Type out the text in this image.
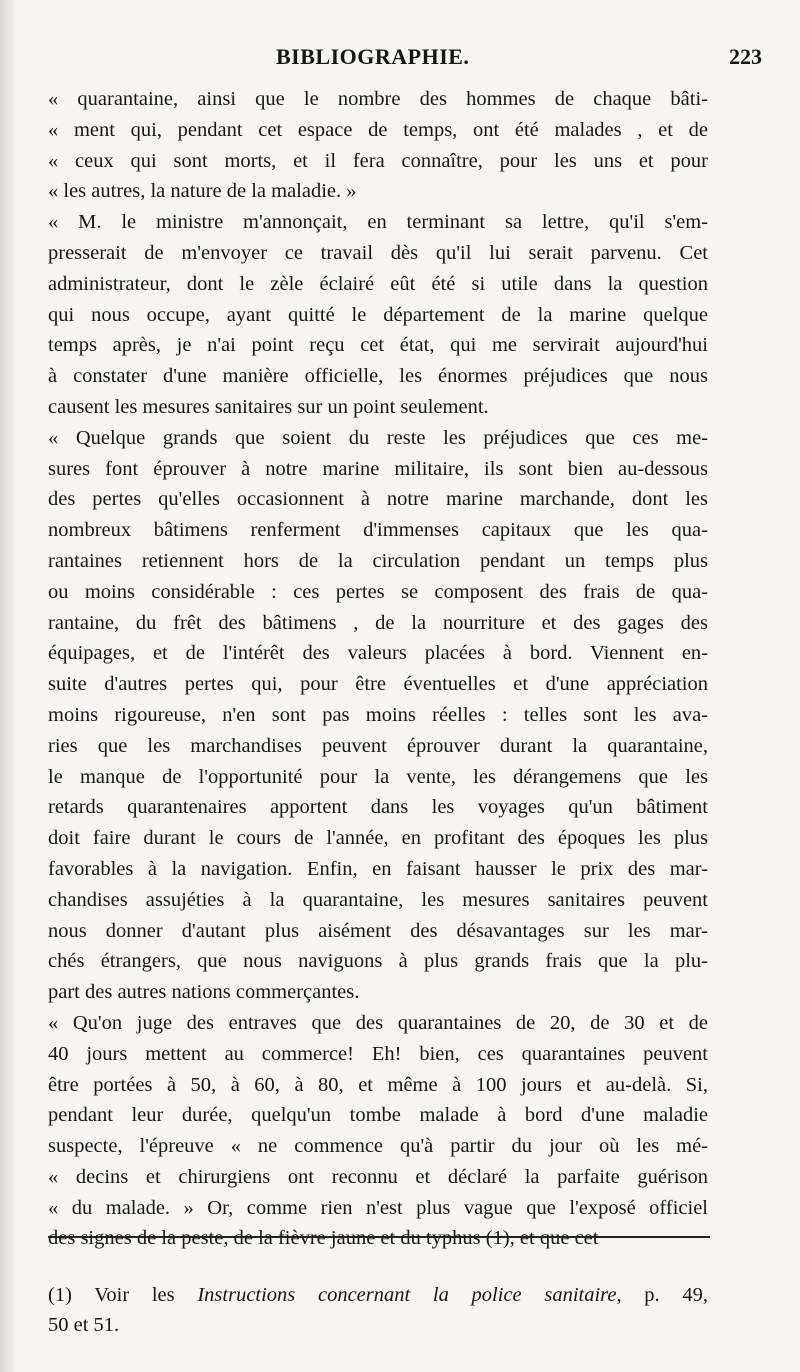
BIBLIOGRAPHIE.	223
« quarantaine, ainsi que le nombre des hommes de chaque bâti-
« ment qui, pendant cet espace de temps, ont été malades , et de
« ceux qui sont morts, et il fera connaître, pour les uns et pour
« les autres, la nature de la maladie. »
« M. le ministre m'annonçait, en terminant sa lettre, qu'il s'em-
presserait de m'envoyer ce travail dès qu'il lui serait parvenu. Cet
administrateur, dont le zèle éclairé eût été si utile dans la question
qui nous occupe, ayant quitté le département de la marine quelque
temps après, je n'ai point reçu cet état, qui me servirait aujourd'hui
à constater d'une manière officielle, les énormes préjudices que nous
causent les mesures sanitaires sur un point seulement.
« Quelque grands que soient du reste les préjudices que ces me-
sures font éprouver à notre marine militaire, ils sont bien au-dessous
des pertes qu'elles occasionnent à notre marine marchande, dont les
nombreux bâtimens renferment d'immenses capitaux que les qua-
rantaines retiennent hors de la circulation pendant un temps plus
ou moins considérable : ces pertes se composent des frais de qua-
rantaine, du frêt des bâtimens , de la nourriture et des gages des
équipages, et de l'intérêt des valeurs placées à bord. Viennent en-
suite d'autres pertes qui, pour être éventuelles et d'une appréciation
moins rigoureuse, n'en sont pas moins réelles : telles sont les ava-
ries que les marchandises peuvent éprouver durant la quarantaine,
le manque de l'opportunité pour la vente, les dérangemens que les
retards quarantenaires apportent dans les voyages qu'un bâtiment
doit faire durant le cours de l'année, en profitant des époques les plus
favorables à la navigation. Enfin, en faisant hausser le prix des mar-
chandises assujéties à la quarantaine, les mesures sanitaires peuvent
nous donner d'autant plus aisément des désavantages sur les mar-
chés étrangers, que nous naviguons à plus grands frais que la plu-
part des autres nations commerçantes.
« Qu'on juge des entraves que des quarantaines de 20, de 30 et de
40 jours mettent au commerce! Eh! bien, ces quarantaines peuvent
être portées à 50, à 60, à 80, et même à 100 jours et au-delà. Si,
pendant leur durée, quelqu'un tombe malade à bord d'une maladie
suspecte, l'épreuve « ne commence qu'à partir du jour où les mé-
« decins et chirurgiens ont reconnu et déclaré la parfaite guérison
« du malade. » Or, comme rien n'est plus vague que l'exposé officiel
des signes de la peste, de la fièvre jaune et du typhus (1), et que cet
(1) Voir les Instructions concernant la police sanitaire, p. 49,
50 et 51.
